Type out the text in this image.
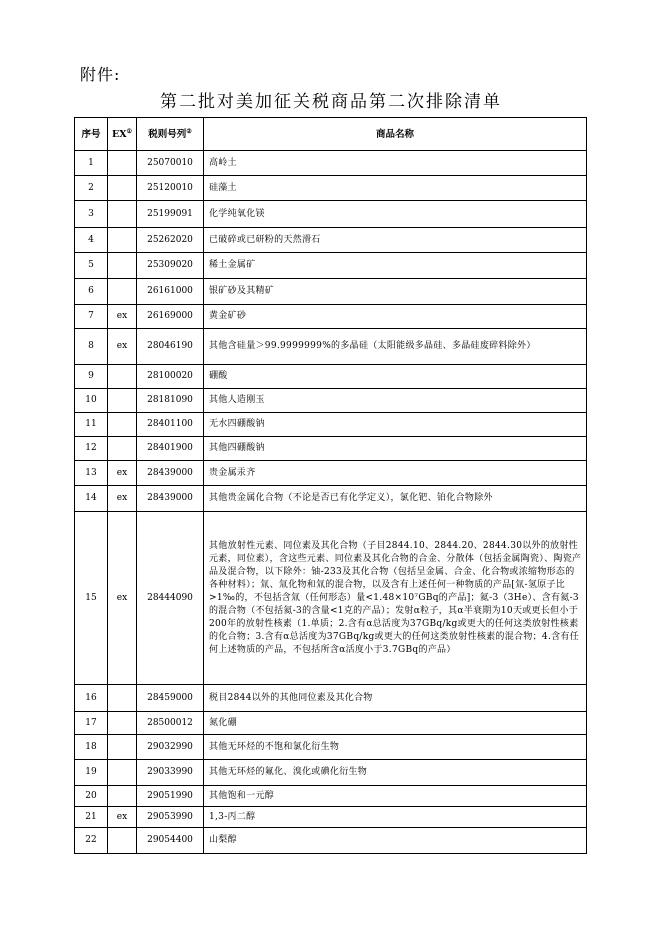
附件:
第二批对美加征关税商品第二次排除清单
序号	EX①	税则号列②	商品名称
1		25070010	高岭土
2		25120010	硅藻土
3		25199091	化学纯氧化镁
4		25262020	已破碎或已研粉的天然滑石
5		25309020	稀土金属矿
6		26161000	银矿砂及其精矿
7	ex	26169000	黄金矿砂
8	ex	28046190	其他含硅量＞99.9999999%的多晶硅（太阳能级多晶硅、多晶硅废碎料除外）
9		28100020	硼酸
10		28181090	其他人造刚玉
11		28401100	无水四硼酸钠
12		28401900	其他四硼酸钠
13	ex	28439000	贵金属汞齐
14	ex	28439000	其他贵金属化合物（不论是否已有化学定义），氯化钯、铂化合物除外
15	ex	28444090	其他放射性元素、同位素及其化合物（子目2844.10、2844.20、2844.30以外的放射性元素，同位素），含这些元素、同位素及其化合物的合金、分散体（包括金属陶瓷）、陶瓷产品及混合物，以下除外：铀-233及其化合物（包括呈金属、合金、化合物或浓缩物形态的各种材料）；氚、氚化物和氚的混合物，以及含有上述任何一种物质的产品[氚-氢原子比>1‰的，不包括含氚（任何形态）量<1.48×10⁷GBq的产品]；氦-3（3He）、含有氦-3的混合物（不包括氦-3的含量<1克的产品）；发射α粒子，其α半衰期为10天或更长但小于200年的放射性核素（1.单质；2.含有α总活度为37GBq/kg或更大的任何这类放射性核素的化合物；3.含有α总活度为37GBq/kg或更大的任何这类放射性核素的混合物；4.含有任何上述物质的产品，不包括所含α活度小于3.7GBq的产品）
16		28459000	税目2844以外的其他同位素及其化合物
17		28500012	氮化硼
18		29032990	其他无环烃的不饱和氯化衍生物
19		29033990	其他无环烃的氟化、溴化或碘化衍生物
20		29051990	其他饱和一元醇
21	ex	29053990	1,3-丙二醇
22		29054400	山梨醇
